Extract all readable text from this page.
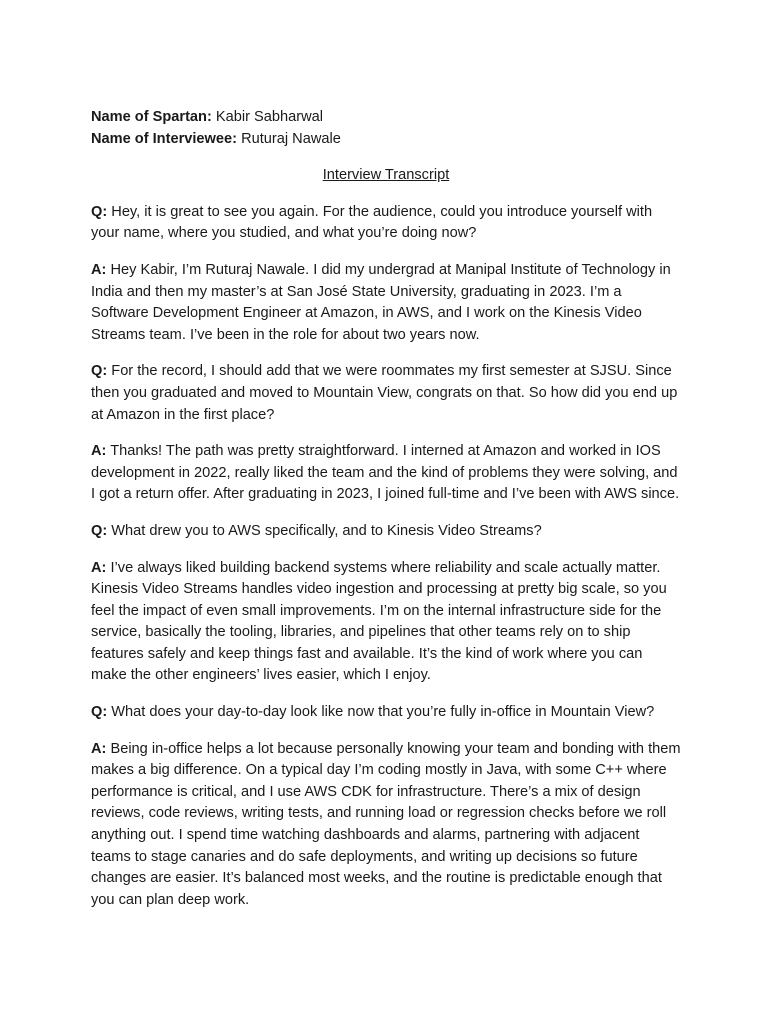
Name of Spartan: Kabir Sabharwal

Name of Interviewee: Ruturaj Nawale

Interview Transcript

Q: Hey, it is great to see you again. For the audience, could you introduce yourself with your name, where you studied, and what you’re doing now?

A: Hey Kabir, I’m Ruturaj Nawale. I did my undergrad at Manipal Institute of Technology in India and then my master’s at San José State University, graduating in 2023. I’m a Software Development Engineer at Amazon, in AWS, and I work on the Kinesis Video Streams team. I’ve been in the role for about two years now.

Q: For the record, I should add that we were roommates my first semester at SJSU. Since then you graduated and moved to Mountain View, congrats on that. So how did you end up at Amazon in the first place?

A: Thanks! The path was pretty straightforward. I interned at Amazon and worked in IOS development in 2022, really liked the team and the kind of problems they were solving, and I got a return offer. After graduating in 2023, I joined full-time and I’ve been with AWS since.

Q: What drew you to AWS specifically, and to Kinesis Video Streams?

A: I’ve always liked building backend systems where reliability and scale actually matter. Kinesis Video Streams handles video ingestion and processing at pretty big scale, so you feel the impact of even small improvements. I’m on the internal infrastructure side for the service, basically the tooling, libraries, and pipelines that other teams rely on to ship features safely and keep things fast and available. It’s the kind of work where you can make the other engineers’ lives easier, which I enjoy.

Q: What does your day-to-day look like now that you’re fully in-office in Mountain View?

A: Being in-office helps a lot because personally knowing your team and bonding with them makes a big difference. On a typical day I’m coding mostly in Java, with some C++ where performance is critical, and I use AWS CDK for infrastructure. There’s a mix of design reviews, code reviews, writing tests, and running load or regression checks before we roll anything out. I spend time watching dashboards and alarms, partnering with adjacent teams to stage canaries and do safe deployments, and writing up decisions so future changes are easier. It’s balanced most weeks, and the routine is predictable enough that you can plan deep work.
